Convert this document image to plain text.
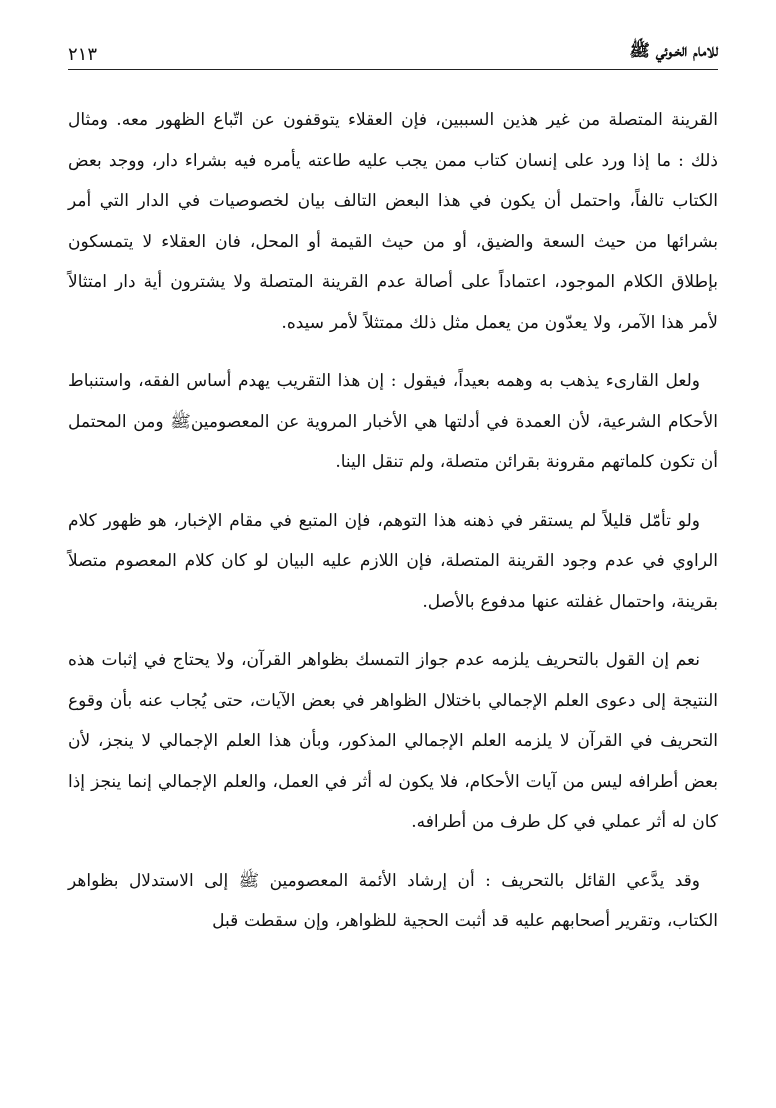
للامام الخـوئي ﷺ
٢١٣

القرينة المتصلة من غير هذين السببين، فإن العقلاء يتوقفون عن اتّباع الظهور معه. ومثال ذلك : ما إذا ورد على إنسان كتاب ممن يجب عليه طاعته يأمره فيه بشراء دار، ووجد بعض الكتاب تالفاً، واحتمل أن يكون في هذا البعض التالف بيان لخصوصيات في الدار التي أمر بشرائها من حيث السعة والضيق، أو من حيث القيمة أو المحل، فان العقلاء لا يتمسكون بإطلاق الكلام الموجود، اعتماداً على أصالة عدم القرينة المتصلة ولا يشترون أية دار امتثالاً لأمر هذا الآمر، ولا يعدّون من يعمل مثل ذلك ممتثلاً لأمر سيده.

ولعل القارىء يذهب به وهمه بعيداً، فيقول : إن هذا التقريب يهدم أساس الفقه، واستنباط الأحكام الشرعية، لأن العمدة في أدلتها هي الأخبار المروية عن المعصومينﷺ ومن المحتمل أن تكون كلماتهم مقرونة بقرائن متصلة، ولم تنقل الينا.

ولو تأمّل قليلاً لم يستقر في ذهنه هذا التوهم، فإن المتبع في مقام الإخبار، هو ظهور كلام الراوي في عدم وجود القرينة المتصلة، فإن اللازم عليه البيان لو كان كلام المعصوم متصلاً بقرينة، واحتمال غفلته عنها مدفوع بالأصل.

نعم إن القول بالتحريف يلزمه عدم جواز التمسك بظواهر القرآن، ولا يحتاج في إثبات هذه النتيجة إلى دعوى العلم الإجمالي باختلال الظواهر في بعض الآيات، حتى يُجاب عنه بأن وقوع التحريف في القرآن لا يلزمه العلم الإجمالي المذكور، وبأن هذا العلم الإجمالي لا ينجز، لأن بعض أطرافه ليس من آيات الأحكام، فلا يكون له أثر في العمل، والعلم الإجمالي إنما ينجز إذا كان له أثر عملي في كل طرف من أطرافه.

وقد يدَّعي القائل بالتحريف : أن إرشاد الأئمة المعصومين ﷺ إلى الاستدلال بظواهر الكتاب، وتقرير أصحابهم عليه قد أثبت الحجية للظواهر، وإن سقطت قبل
